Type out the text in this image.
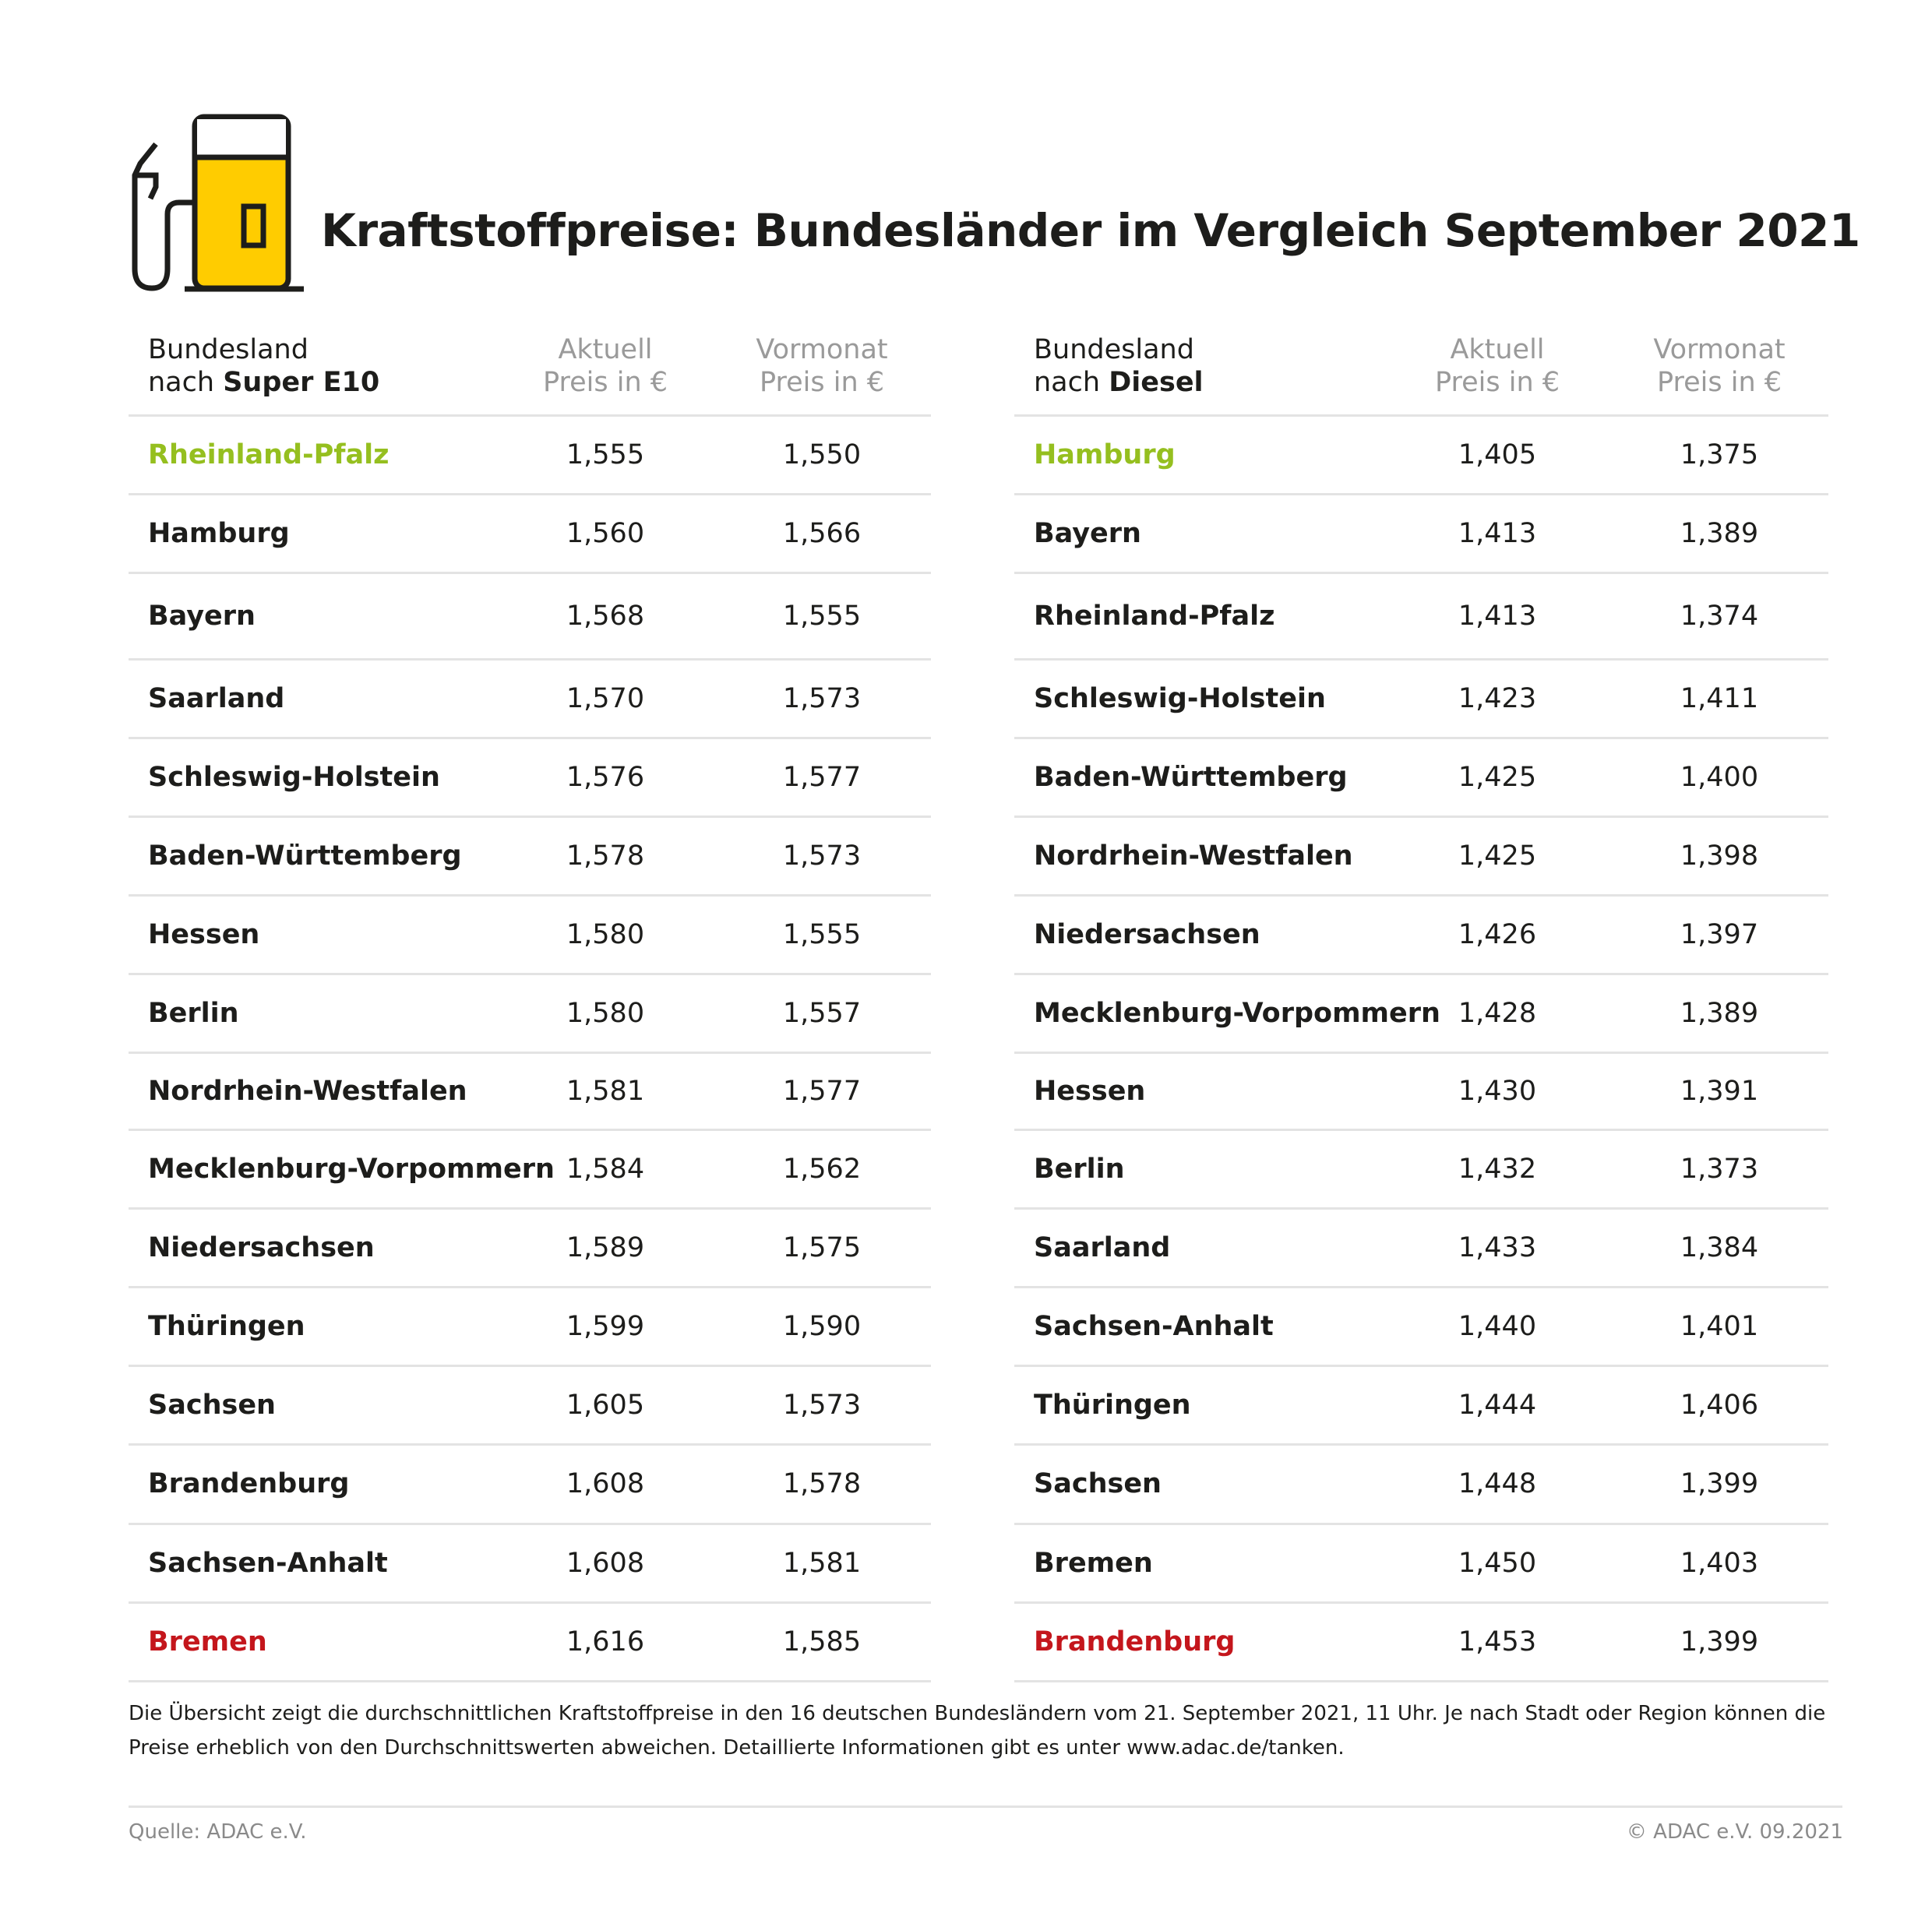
Kraftstoffpreise: Bundesländer im Vergleich September 2021
Bundesland
nach Super E10
Aktuell
Preis in €
Vormonat
Preis in €
Rheinland-Pfalz	1,555	1,550
Hamburg	1,560	1,566
Bayern	1,568	1,555
Saarland	1,570	1,573
Schleswig-Holstein	1,576	1,577
Baden-Württemberg	1,578	1,573
Hessen	1,580	1,555
Berlin	1,580	1,557
Nordrhein-Westfalen	1,581	1,577
Mecklenburg-Vorpommern 1,584	1,562
Niedersachsen	1,589	1,575
Thüringen	1,599	1,590
Sachsen	1,605	1,573
Brandenburg	1,608	1,578
Sachsen-Anhalt	1,608	1,581
Bremen	1,616	1,585
Bundesland
nach Diesel
Aktuell
Preis in €
Vormonat
Preis in €
Hamburg	1,405	1,375
Bayern	1,413	1,389
Rheinland-Pfalz	1,413	1,374
Schleswig-Holstein	1,423	1,411
Baden-Württemberg	1,425	1,400
Nordrhein-Westfalen	1,425	1,398
Niedersachsen	1,426	1,397
Mecklenburg-Vorpommern 1,428	1,389
Hessen	1,430	1,391
Berlin	1,432	1,373
Saarland	1,433	1,384
Sachsen-Anhalt	1,440	1,401
Thüringen	1,444	1,406
Sachsen	1,448	1,399
Bremen	1,450	1,403
Brandenburg	1,453	1,399

Die Übersicht zeigt die durchschnittlichen Kraftstoffpreise in den 16 deutschen Bundesländern vom 21. September 2021, 11 Uhr. Je nach Stadt oder Region können die Preise erheblich von den Durchschnittswerten abweichen. Detaillierte Informationen gibt es unter www.adac.de/tanken.

Quelle: ADAC e.V.	© ADAC e.V. 09.2021
